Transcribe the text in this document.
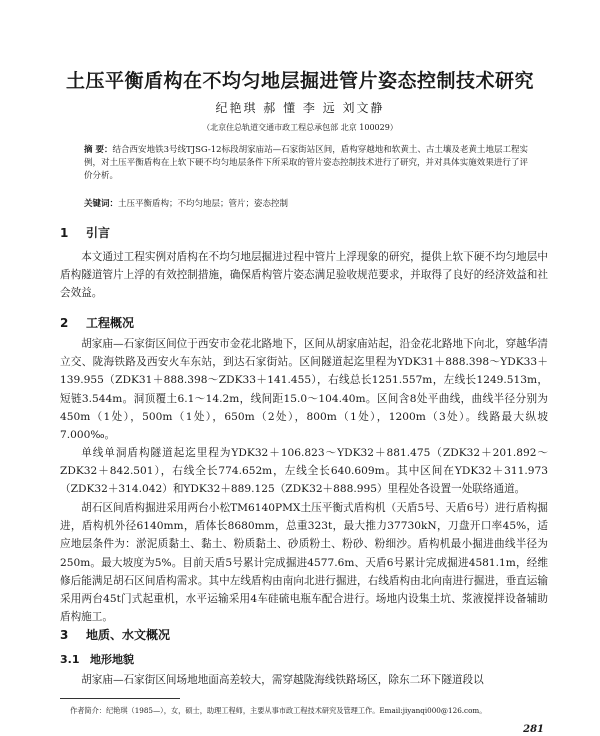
土压平衡盾构在不均匀地层掘进管片姿态控制技术研究
纪艳琪 郝 懂 李 远 刘文静
（北京住总轨道交通市政工程总承包部 北京 100029）
摘 要：结合西安地铁3号线TJSG-12标段胡家庙站—石家街站区间，盾构穿越地和软黄土、古土壤及老黄土地层工程实例，对土压平衡盾构在上软下硬不均匀地层条件下所采取的管片姿态控制技术进行了研究，并对具体实施效果进行了评价分析。
关键词：土压平衡盾构；不均匀地层；管片；姿态控制
1 引言
本文通过工程实例对盾构在不均匀地层掘进过程中管片上浮现象的研究，提供上软下硬不均匀地层中盾构隧道管片上浮的有效控制措施，确保盾构管片姿态满足验收规范要求，并取得了良好的经济效益和社会效益。
2 工程概况
胡家庙—石家街区间位于西安市金花北路地下，区间从胡家庙站起，沿金花北路地下向北，穿越华清立交、陇海铁路及西安火车东站，到达石家街站。区间隧道起迄里程为YDK31＋888.398～YDK33＋139.955（ZDK31＋888.398～ZDK33＋141.455），右线总长1251.557m，左线长1249.513m，短链3.544m。洞顶覆土6.1～14.2m，线间距15.0～104.40m。区间含8处平曲线，曲线半径分别为450m（1处），500m（1处），650m（2处），800m（1处），1200m（3处）。线路最大纵坡7.000‰。
单线单洞盾构隧道起迄里程为YDK32＋106.823～YDK32＋881.475（ZDK32＋201.892～ZDK32＋842.501），右线全长774.652m，左线全长640.609m。其中区间在YDK32＋311.973（ZDK32＋314.042）和YDK32＋889.125（ZDK32＋888.995）里程处各设置一处联络通道。
胡石区间盾构掘进采用两台小松TM6140PMX土压平衡式盾构机（天盾5号、天盾6号）进行盾构掘进，盾构机外径6140mm，盾体长8680mm，总重323t，最大推力37730kN，刀盘开口率45%，适应地层条件为：淤泥质黏土、黏土、粉质黏土、砂质粉土、粉砂、粉细沙。盾构机最小掘进曲线半径为250m。最大坡度为5%。目前天盾5号累计完成掘进4577.6m、天盾6号累计完成掘进4581.1m，经维修后能满足胡石区间盾构需求。其中左线盾构由南向北进行掘进，右线盾构由北向南进行掘进，垂直运输采用两台45t门式起重机，水平运输采用4车硅硫电瓶车配合进行。场地内设集土坑、浆液搅拌设备辅助盾构施工。
3 地质、水文概况
3.1 地形地貌
胡家庙—石家街区间场地地面高差较大，需穿越陇海线铁路场区，除东二环下隧道段以
作者简介：纪艳琪（1985—），女，硕士，助理工程师，主要从事市政工程技术研究及管理工作。Email:jiyanqi000@126.com。
281
